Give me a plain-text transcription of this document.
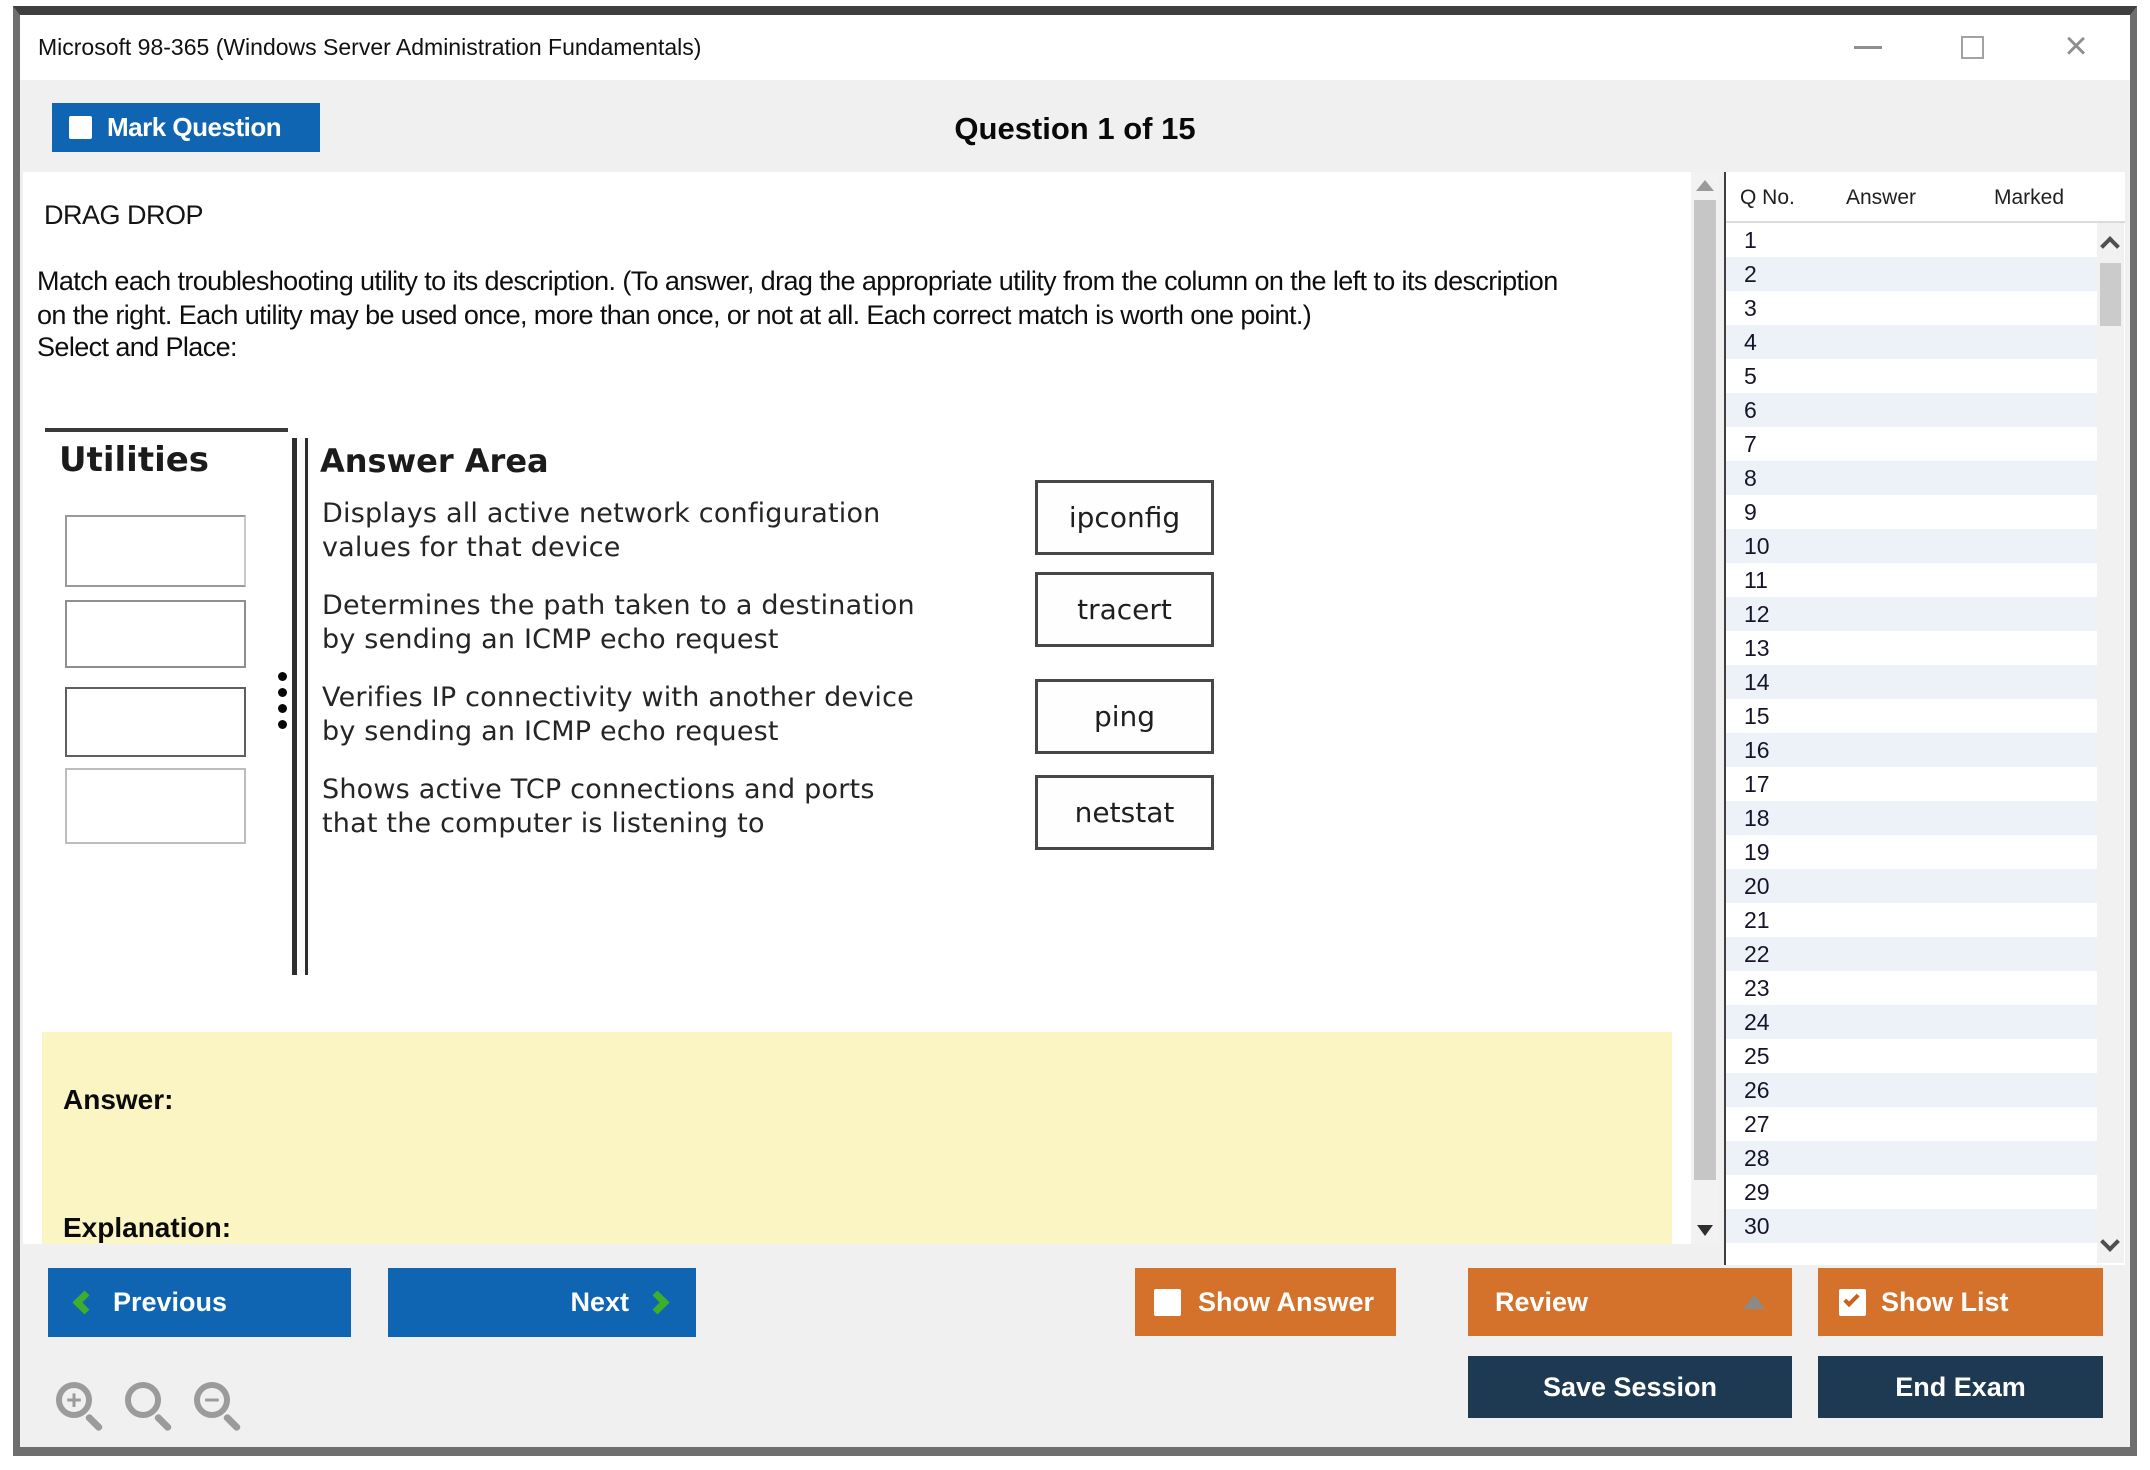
Microsoft 98-365 (Windows Server Administration Fundamentals)	×
Mark Question	Question 1 of 15
DRAG DROP
Match each troubleshooting utility to its description. (To answer, drag the appropriate utility from the column on the left to its description on the right. Each utility may be used once, more than once, or not at all. Each correct match is worth one point.)
Select and Place:
Utilities	Answer Area
Displays all active network configuration
values for that device
Determines the path taken to a destination
by sending an ICMP echo request
Verifies IP connectivity with another device
by sending an ICMP echo request
Shows active TCP connections and ports
that the computer is listening to
ipconfig
tracert
ping
netstat
Answer:
Explanation:
Q No. Answer	Marked
1
2
3
4
5
6
7
8
9
10
11
12
13
14
15
16
17
18
19
20
21
22
23
24
25
26
27
28
29
30
Previous	Next	Show Answer	Review	Show List
Save Session	End Exam
+	−
